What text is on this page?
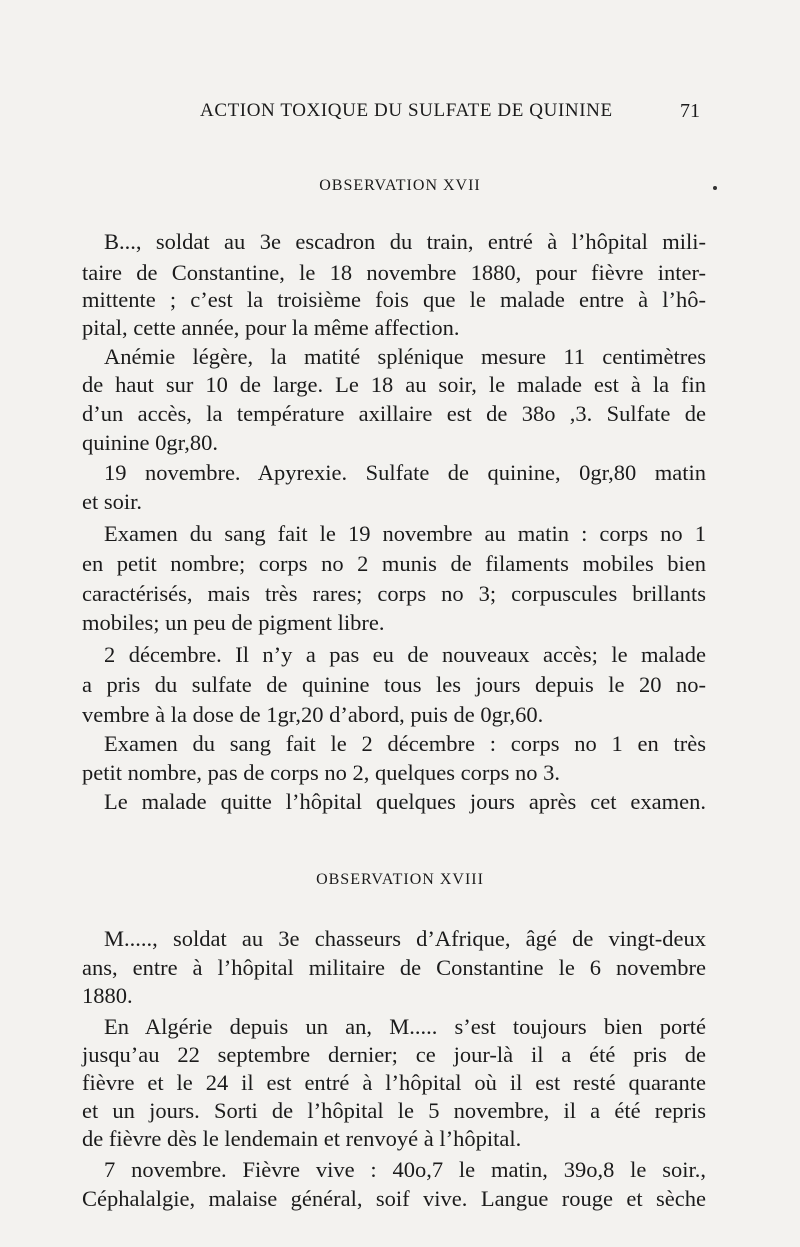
ACTION TOXIQUE DU SULFATE DE QUININE	71
OBSERVATION XVII
B..., soldat au 3e escadron du train, entré à l’hôpital mili-
taire de Constantine, le 18 novembre 1880, pour fièvre inter-
mittente ; c’est la troisième fois que le malade entre à l’hô-
pital, cette année, pour la même affection.
Anémie légère, la matité splénique mesure 11 centimètres
de haut sur 10 de large. Le 18 au soir, le malade est à la fin
d’un accès, la température axillaire est de 38o ,3. Sulfate de
quinine 0gr,80.
19 novembre. Apyrexie. Sulfate de quinine, 0gr,80 matin
et soir.
Examen du sang fait le 19 novembre au matin : corps no 1
en petit nombre; corps no 2 munis de filaments mobiles bien
caractérisés, mais très rares; corps no 3; corpuscules brillants
mobiles; un peu de pigment libre.
2 décembre. Il n’y a pas eu de nouveaux accès; le malade
a pris du sulfate de quinine tous les jours depuis le 20 no-
vembre à la dose de 1gr,20 d’abord, puis de 0gr,60.
Examen du sang fait le 2 décembre : corps no 1 en très
petit nombre, pas de corps no 2, quelques corps no 3.
Le malade quitte l’hôpital quelques jours après cet examen.
OBSERVATION XVIII
M....., soldat au 3e chasseurs d’Afrique, âgé de vingt-deux
ans, entre à l’hôpital militaire de Constantine le 6 novembre
1880.
En Algérie depuis un an, M..... s’est toujours bien porté
jusqu’au 22 septembre dernier; ce jour-là il a été pris de
fièvre et le 24 il est entré à l’hôpital où il est resté quarante
et un jours. Sorti de l’hôpital le 5 novembre, il a été repris
de fièvre dès le lendemain et renvoyé à l’hôpital.
7 novembre. Fièvre vive : 40o,7 le matin, 39o,8 le soir.,
Céphalalgie, malaise général, soif vive. Langue rouge et sèche
